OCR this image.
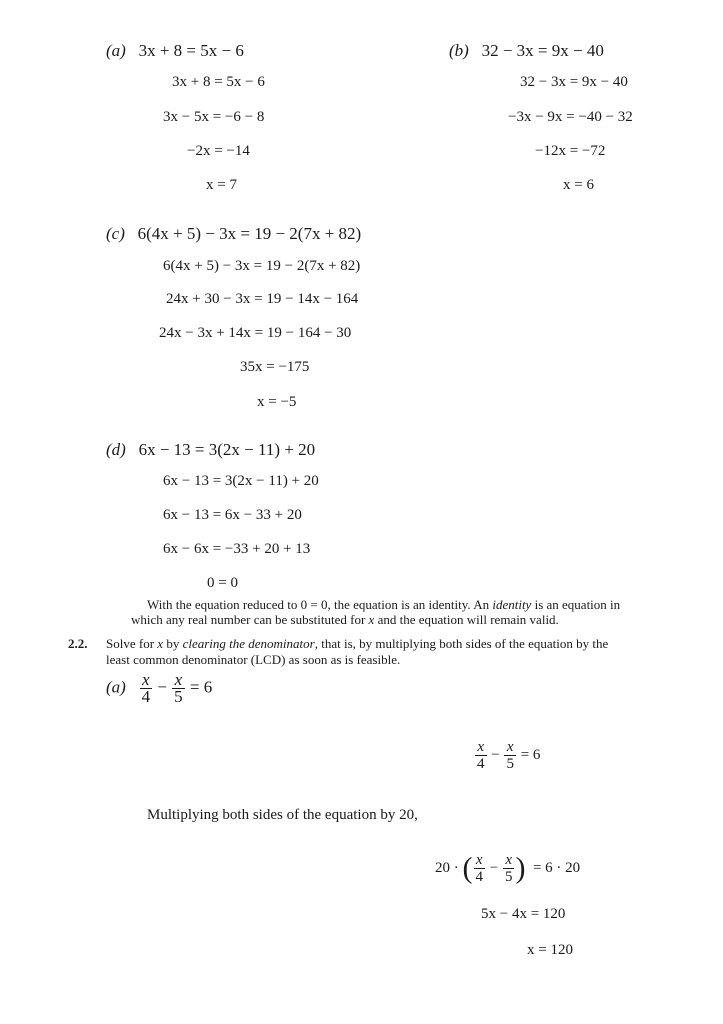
(a) 3x + 8 = 5x − 6
3x + 8 = 5x − 6
3x − 5x = −6 − 8
−2x = −14
x = 7
(b) 32 − 3x = 9x − 40
32 − 3x = 9x − 40
−3x − 9x = −40 − 32
−12x = −72
x = 6
(c) 6(4x + 5) − 3x = 19 − 2(7x + 82)
6(4x + 5) − 3x = 19 − 2(7x + 82)
24x + 30 − 3x = 19 − 14x − 164
24x − 3x + 14x = 19 − 164 − 30
35x = −175
x = −5
(d) 6x − 13 = 3(2x − 11) + 20
6x − 13 = 3(2x − 11) + 20
6x − 13 = 6x − 33 + 20
6x − 6x = −33 + 20 + 13
0 = 0
With the equation reduced to 0 = 0, the equation is an identity. An identity is an equation in
which any real number can be substituted for x and the equation will remain valid.
2.2. Solve for x by clearing the denominator, that is, by multiplying both sides of the equation by the
least common denominator (LCD) as soon as is feasible.
$(a) \frac{x}{4} - \frac{x}{5} = 6$
$\frac{x}{4} - \frac{x}{5} = 6$
Multiplying both sides of the equation by 20,
20 · ( $\frac{x}{4} - \frac{x}{5}$ ) = 6 · 20
5x − 4x = 120
x = 120
